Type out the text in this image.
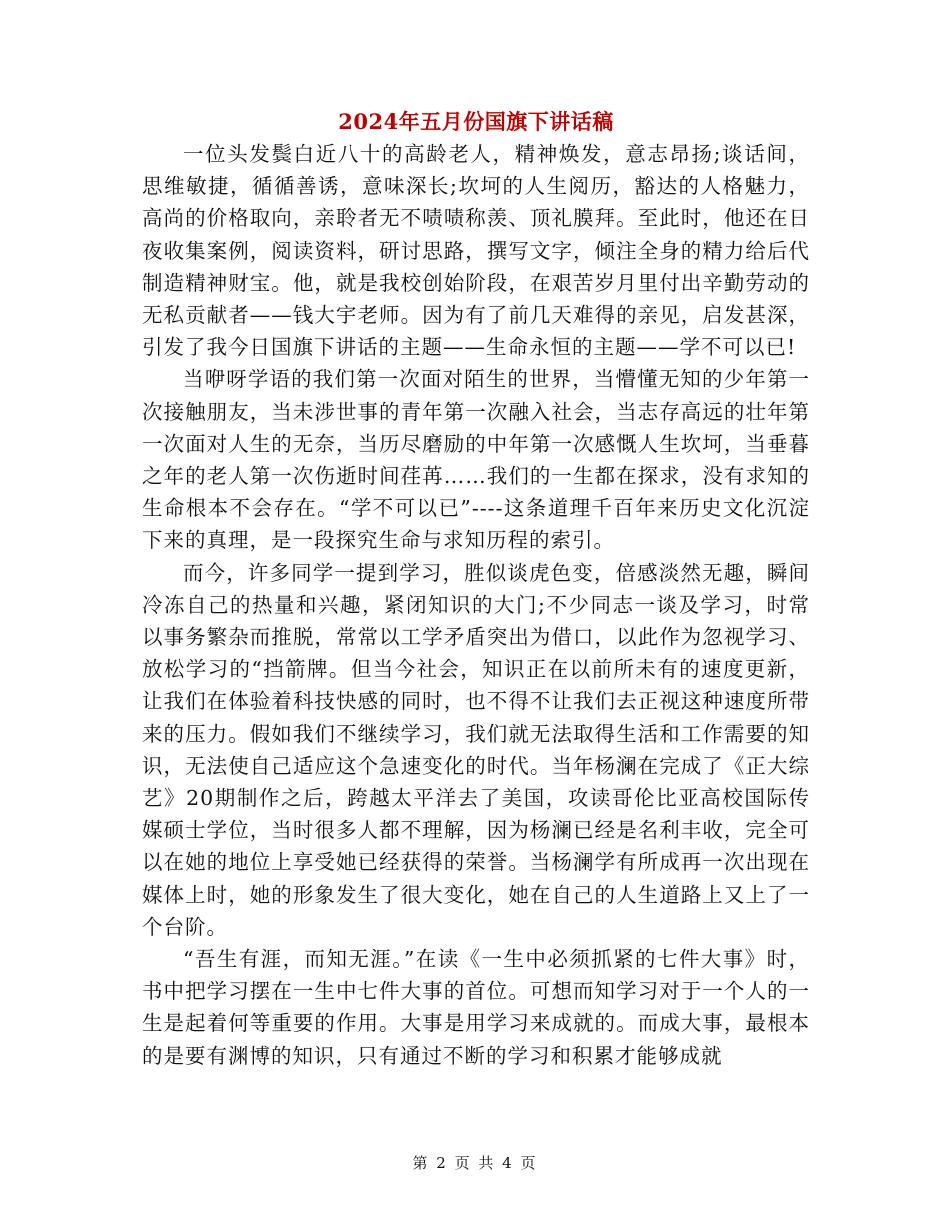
2024年五月份国旗下讲话稿

一位头发鬓白近八十的高龄老人，精神焕发，意志昂扬;谈话间，思维敏捷，循循善诱，意味深长;坎坷的人生阅历，豁达的人格魅力，高尚的价格取向，亲聆者无不啧啧称羡、顶礼膜拜。至此时，他还在日夜收集案例，阅读资料，研讨思路，撰写文字，倾注全身的精力给后代制造精神财宝。他，就是我校创始阶段，在艰苦岁月里付出辛勤劳动的无私贡献者——钱大宇老师。因为有了前几天难得的亲见，启发甚深，引发了我今日国旗下讲话的主题——生命永恒的主题——学不可以已!

当咿呀学语的我们第一次面对陌生的世界，当懵懂无知的少年第一次接触朋友，当未涉世事的青年第一次融入社会，当志存高远的壮年第一次面对人生的无奈，当历尽磨励的中年第一次感慨人生坎坷，当垂暮之年的老人第一次伤逝时间荏苒……我们的一生都在探求，没有求知的生命根本不会存在。“学不可以已”----这条道理千百年来历史文化沉淀下来的真理，是一段探究生命与求知历程的索引。

而今，许多同学一提到学习，胜似谈虎色变，倍感淡然无趣，瞬间冷冻自己的热量和兴趣，紧闭知识的大门;不少同志一谈及学习，时常以事务繁杂而推脱，常常以工学矛盾突出为借口，以此作为忽视学习、放松学习的“挡箭牌。但当今社会，知识正在以前所未有的速度更新，让我们在体验着科技快感的同时，也不得不让我们去正视这种速度所带来的压力。假如我们不继续学习，我们就无法取得生活和工作需要的知识，无法使自己适应这个急速变化的时代。当年杨澜在完成了《正大综艺》20期制作之后，跨越太平洋去了美国，攻读哥伦比亚高校国际传媒硕士学位，当时很多人都不理解，因为杨澜已经是名利丰收，完全可以在她的地位上享受她已经获得的荣誉。当杨澜学有所成再一次出现在媒体上时，她的形象发生了很大变化，她在自己的人生道路上又上了一个台阶。

“吾生有涯，而知无涯。”在读《一生中必须抓紧的七件大事》时，书中把学习摆在一生中七件大事的首位。可想而知学习对于一个人的一生是起着何等重要的作用。大事是用学习来成就的。而成大事，最根本的是要有渊博的知识，只有通过不断的学习和积累才能够成就

第 2 页 共 4 页
